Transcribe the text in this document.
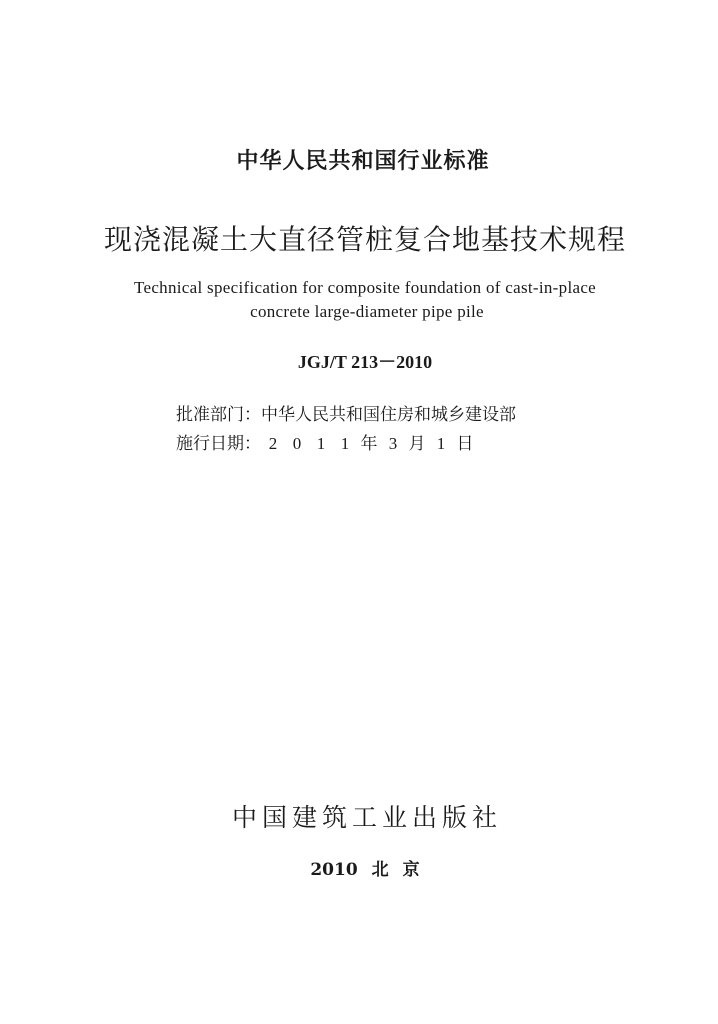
中华人民共和国行业标准
现浇混凝土大直径管桩复合地基技术规程
Technical specification for composite foundation of cast-in-place
concrete large-diameter pipe pile
JGJ/T 213－2010
批准部门：中华人民共和国住房和城乡建设部
施行日期： 2 0 1 1 年 3 月 1 日
中国建筑工业出版社
2010 北 京
